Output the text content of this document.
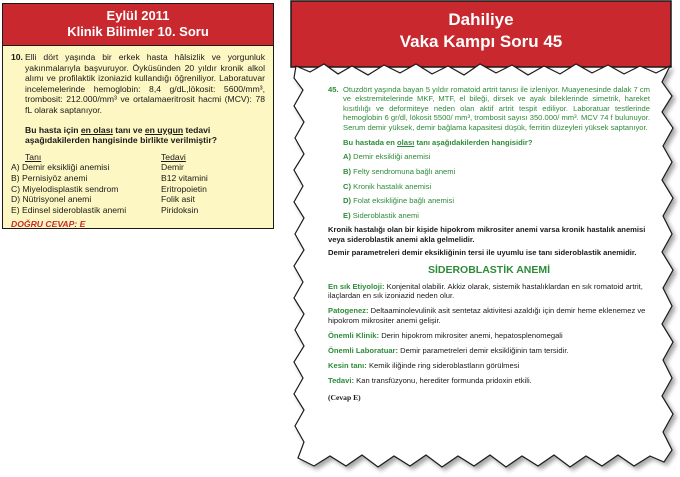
Eylül 2011
Klinik Bilimler 10. Soru
10. Elli dört yaşında bir erkek hasta hâlsizlik ve yorgunluk yakınmalarıyla başvuruyor. Öyküsünden 20 yıldır kronik alkol alımı ve profilaktik izoniazid kullandığı öğreniliyor. Laboratuvar incelemelerinde hemoglobin: 8,4 g/dL,lökosit: 5600/mm³, trombosit: 212.000/mm³ ve ortalamaeritrosit hacmi (MCV): 78 fL olarak saptanıyor.
Bu hasta için en olası tanı ve en uygun tedavi aşağıdakilerden hangisinde birlikte verilmiştir?
Tanı	Tedavi
A) Demir eksikliği anemisi	Demir
B) Pernisiyöz anemi	B12 vitamini
C) Miyelodisplastik sendrom	Eritropoietin
D) Nütrisyonel anemi	Folik asit
E) Edinsel sideroblastik anemi	Piridoksin
DOĞRU CEVAP: E
Dahiliye
Vaka Kampı Soru 45
45. Otuzdört yaşında bayan 5 yıldır romatoid artrit tanısı ile izleniyor. Muayenesinde dalak 7 cm ve ekstremitelerinde MKF, MTF, el bileği, dirsek ve ayak bileklerinde simetrik, hareket kısıtlılığı ve deformiteye neden olan aktif artrit tespit ediliyor. Laboratuar testlerinde hemoglobin 6 gr/dl, lökosit 5500/ mm³, trombosit sayısı 350.000/ mm³. MCV 74 f bulunuyor. Serum demir yüksek, demir bağlama kapasitesi düşük, ferritin düzeyleri yüksek saptanıyor.
Bu hastada en olası tanı aşağıdakilerden hangisidir?
A) Demir eksikliği anemisi
B) Felty sendromuna bağlı anemi
C) Kronik hastalık anemisi
D) Folat eksikliğine bağlı anemisi
E) Sideroblastik anemi
Kronik hastalığı olan bir kişide hipokrom mikrositer anemi varsa kronik hastalık anemisi veya sideroblastik anemi akla gelmelidir.
Demir parametreleri demir eksikliğinin tersi ile uyumlu ise tanı sideroblastik anemidir.
SİDEROBLASTİK ANEMİ
En sık Etiyoloji: Konjenital olabilir. Akkiz olarak, sistemik hastalıklardan en sık romatoid artrit, ilaçlardan en sık izoniazid neden olur.
Patogenez: Deltaaminolevulinik asit sentetaz aktivitesi azaldığı için demir heme eklenemez ve hipokrom mikrositer anemi gelişir.
Önemli Klinik: Derin hipokrom mikrositer anemi, hepatosplenomegali
Önemli Laboratuar: Demir parametreleri demir eksikliğinin tam tersidir.
Kesin tanı: Kemik iliğinde ring sideroblastların görülmesi
Tedavi: Kan transfüzyonu, herediter formunda pridoxin etkili.
(Cevap E)
